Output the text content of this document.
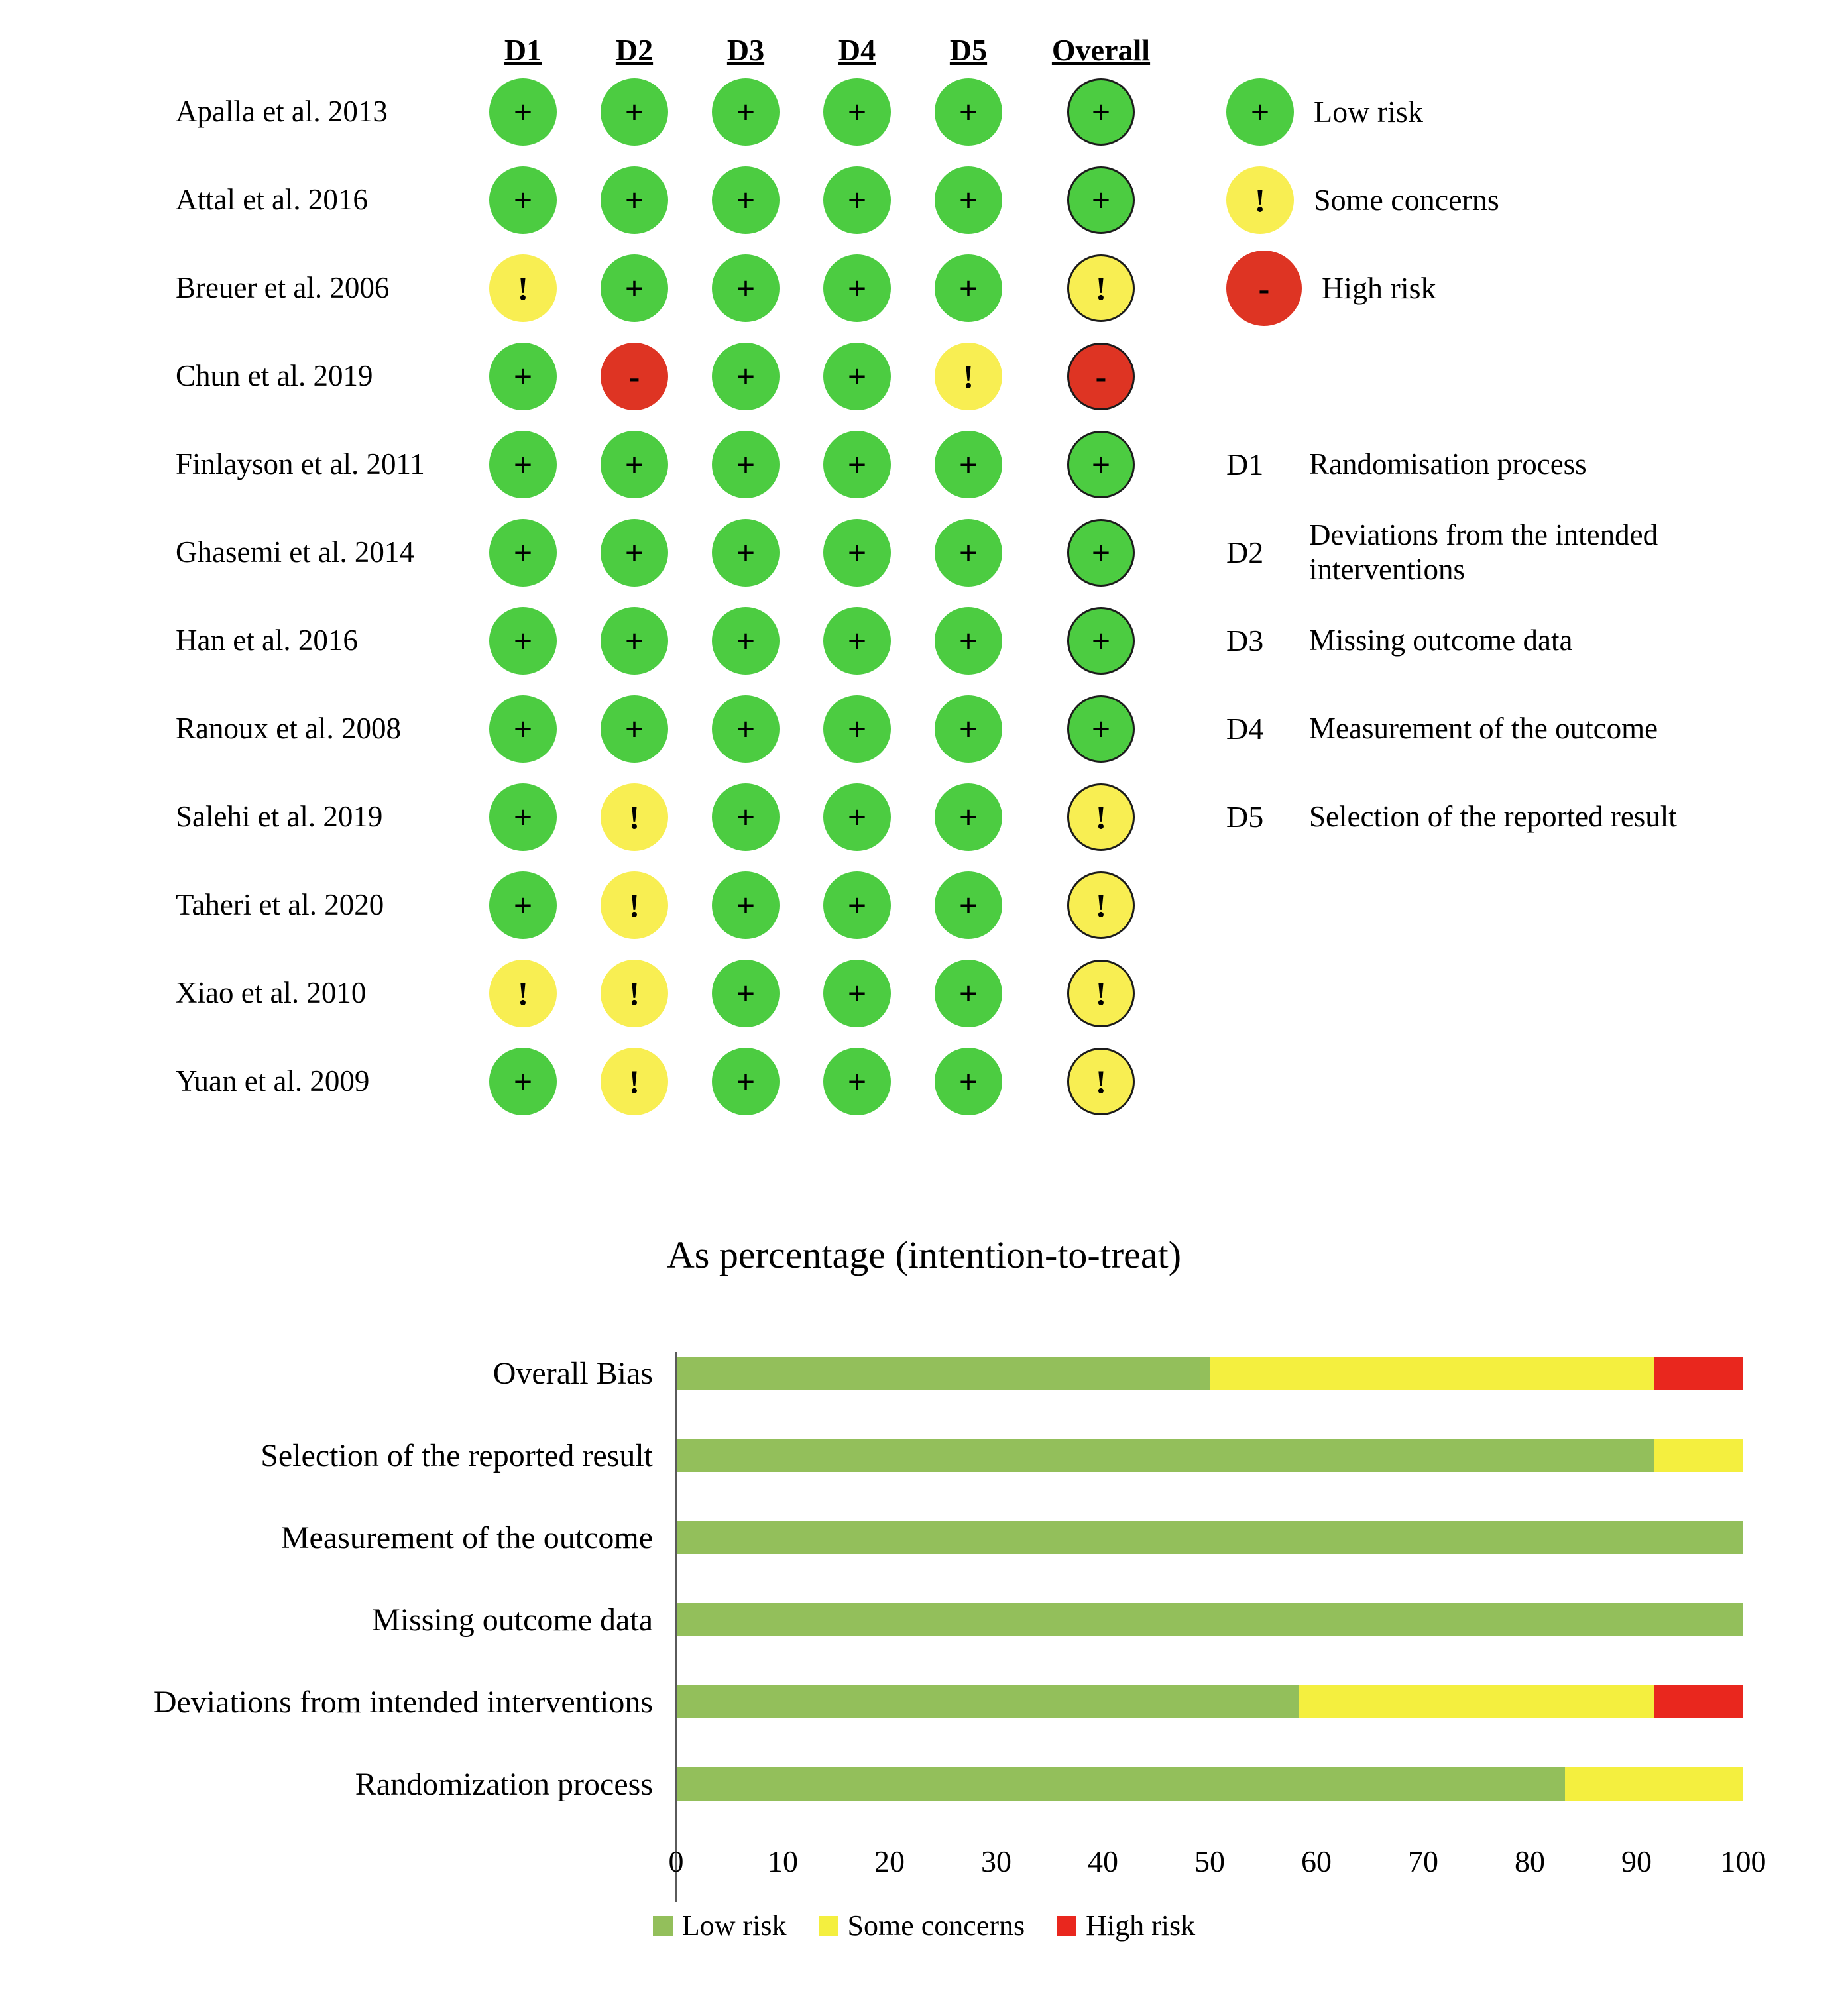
D1	D2	D3	D4	D5	Overall
Apalla et al. 2013	+	+	+	+	+	+
Attal et al. 2016	+	+	+	+	+	+
Breuer et al. 2006	!	+	+	+	+	!
Chun et al. 2019	+	-	+	+	!	-
Finlayson et al. 2011	+	+	+	+	+	+
Ghasemi et al. 2014	+	+	+	+	+	+
Han et al. 2016	+	+	+	+	+	+
Ranoux et al. 2008	+	+	+	+	+	+
Salehi et al. 2019	+	!	+	+	+	!
Taheri et al. 2020	+	!	+	+	+	!
Xiao et al. 2010	!	!	+	+	+	!
Yuan et al. 2009	+	!	+	+	+	!
+	Low risk
!	Some concerns
-	High risk
D1	Randomisation process
D2
Deviations from the intended interventions
D3	Missing outcome data
D4	Measurement of the outcome
D5	Selection of the reported result
As percentage (intention-to-treat)
Overall Bias
Selection of the reported result
Measurement of the outcome
Missing outcome data
Deviations from intended interventions
Randomization process
0	10	20	30	40	50	60	70	80	90 100
Low risk Some concerns High risk
